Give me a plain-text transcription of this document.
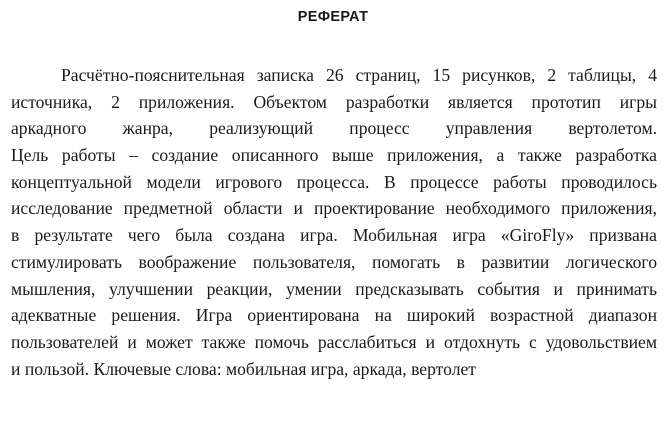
РЕФЕРАТ
Расчётно-пояснительная записка 26 страниц, 15 рисунков, 2 таблицы, 4
источника, 2 приложения. Объектом разработки является прототип игры
аркадного жанра, реализующий процесс управления вертолетом.
Цель работы – создание описанного выше приложения, а также разработка
концептуальной модели игрового процесса. В процессе работы проводилось
исследование предметной области и проектирование необходимого приложения,
в результате чего была создана игра. Мобильная игра «GiroFly» призвана
стимулировать воображение пользователя, помогать в развитии логического
мышления, улучшении реакции, умении предсказывать события и принимать
адекватные решения. Игра ориентирована на широкий возрастной диапазон
пользователей и может также помочь расслабиться и отдохнуть с удовольствием
и пользой. Ключевые слова: мобильная игра, аркада, вертолет
